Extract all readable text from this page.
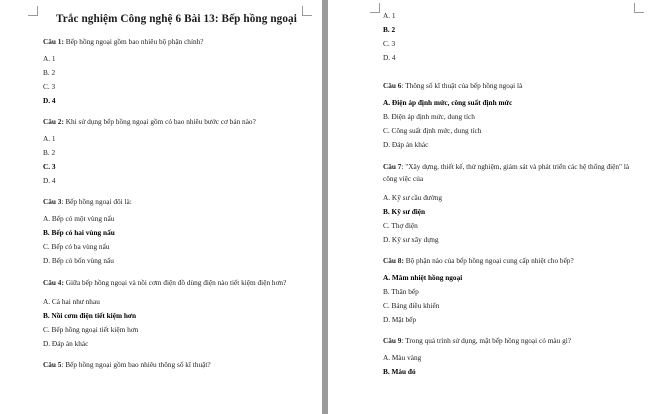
Trắc nghiệm Công nghệ 6 Bài 13: Bếp hồng ngoại
Câu 1: Bếp hồng ngoại gồm bao nhiêu bộ phận chính?
A. 1
B. 2
C. 3
D. 4
Câu 2: Khi sử dụng bếp hồng ngoại gồm có bao nhiêu bước cơ bản nào?
A. 1
B. 2
C. 3
D. 4
Câu 3: Bếp hồng ngoại đôi là:
A. Bếp có một vùng nấu
B. Bếp có hai vùng nấu
C. Bếp có ba vùng nấu
D. Bếp có bốn vùng nấu
Câu 4: Giữa bếp hồng ngoại và nồi cơm điện đồ dùng điện nào tiết kiệm điện hơn?
A. Cả hai như nhau
B. Nồi cơm điện tiết kiệm hơn
C. Bếp hồng ngoại tiết kiệm hơn
D. Đáp án khác
Câu 5: Bếp hồng ngoại gồm bao nhiêu thông số kĩ thuật?
A. 1
B. 2
C. 3
D. 4
Câu 6: Thông số kĩ thuật của bếp hồng ngoại là
A. Điện áp định mức, công suất định mức
B. Điện áp định mức, dung tích
C. Công suất định mức, dung tích
D. Đáp án khác
Câu 7: "Xây dựng, thiết kế, thử nghiệm, giám sát và phát triển các hệ thống điện" là công việc của
A. Kỹ sư cầu đường
B. Kỹ sư điện
C. Thợ điện
D. Kỹ sư xây dựng
Câu 8: Bộ phận nào của bếp hồng ngoại cung cấp nhiệt cho bếp?
A. Mâm nhiệt hồng ngoại
B. Thân bếp
C. Bảng điều khiển
D. Mặt bếp
Câu 9: Trong quá trình sử dụng, mặt bếp hồng ngoại có màu gì?
A. Màu vàng
B. Màu đỏ
